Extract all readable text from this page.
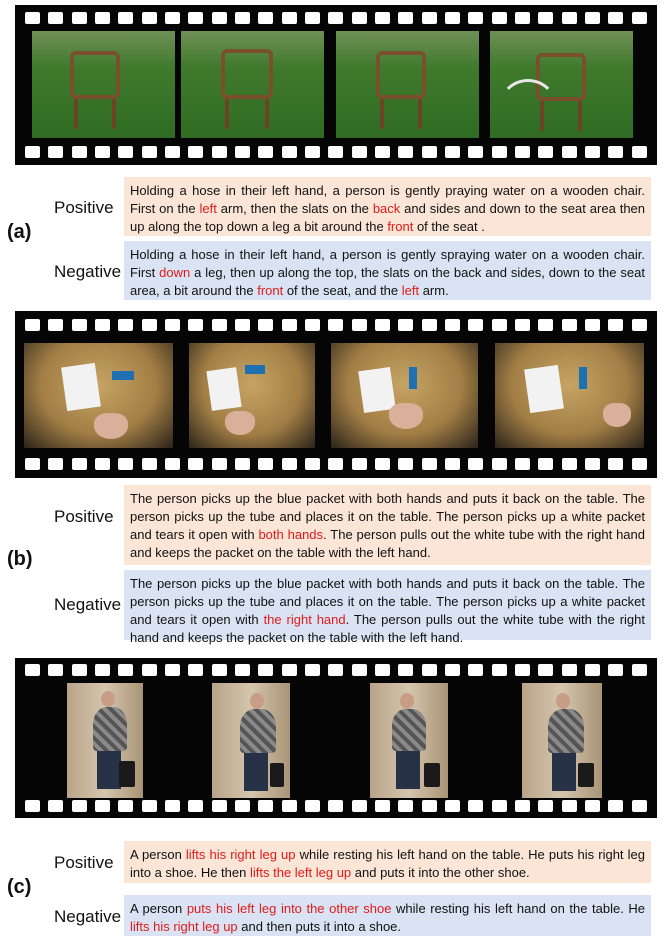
(a)
Positive
Negative
Holding a hose in their left hand, a person is gently praying water on a wooden chair. First on the left arm, then the slats on the back and sides and down to the seat area then up along the top down a leg a bit around the front of the seat .
Holding a hose in their left hand, a person is gently spraying water on a wooden chair. First down a leg, then up along the top, the slats on the back and sides, down to the seat area, a bit around the front of the seat, and the left arm.
(b)
Positive
Negative
The person picks up the blue packet with both hands and puts it back on the table. The person picks up the tube and places it on the table. The person picks up a white packet and tears it open with both hands. The person pulls out the white tube with the right hand and keeps the packet on the table with the left hand.
The person picks up the blue packet with both hands and puts it back on the table. The person picks up the tube and places it on the table. The person picks up a white packet and tears it open with the right hand. The person pulls out the white tube with the right hand and keeps the packet on the table with the left hand.
(c)
Positive
Negative
A person lifts his right leg up while resting his left hand on the table. He puts his right leg into a shoe. He then lifts the left leg up and puts it into the other shoe.
A person puts his left leg into the other shoe while resting his left hand on the table. He lifts his right leg up and then puts it into a shoe.
